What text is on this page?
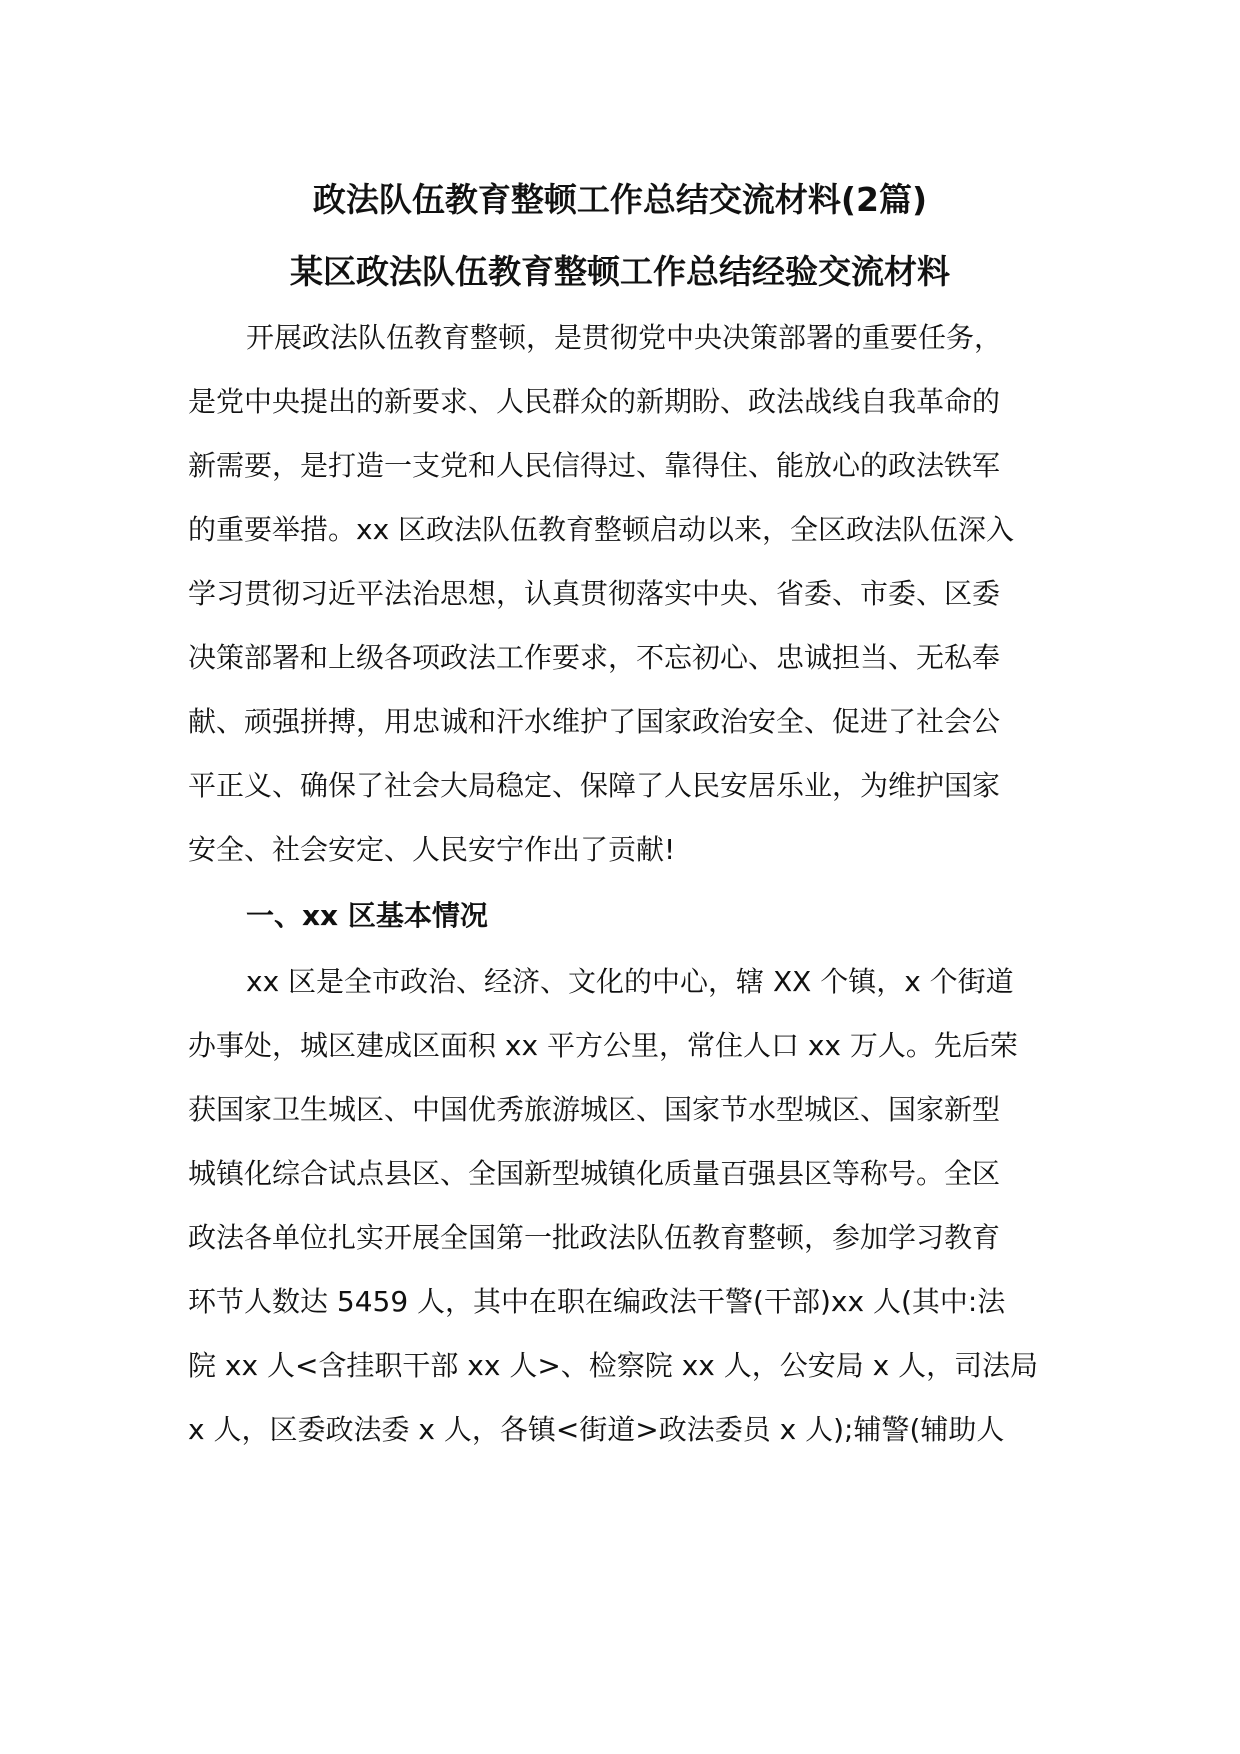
政法队伍教育整顿工作总结交流材料(2篇)
某区政法队伍教育整顿工作总结经验交流材料
开展政法队伍教育整顿，是贯彻党中央决策部署的重要任务，
是党中央提出的新要求、人民群众的新期盼、政法战线自我革命的
新需要，是打造一支党和人民信得过、靠得住、能放心的政法铁军
的重要举措。xx 区政法队伍教育整顿启动以来，全区政法队伍深入
学习贯彻习近平法治思想，认真贯彻落实中央、省委、市委、区委
决策部署和上级各项政法工作要求，不忘初心、忠诚担当、无私奉
献、顽强拼搏，用忠诚和汗水维护了国家政治安全、促进了社会公
平正义、确保了社会大局稳定、保障了人民安居乐业，为维护国家
安全、社会安定、人民安宁作出了贡献!
一、xx 区基本情况
xx 区是全市政治、经济、文化的中心，辖 XX 个镇，x 个街道
办事处，城区建成区面积 xx 平方公里，常住人口 xx 万人。先后荣
获国家卫生城区、中国优秀旅游城区、国家节水型城区、国家新型
城镇化综合试点县区、全国新型城镇化质量百强县区等称号。全区
政法各单位扎实开展全国第一批政法队伍教育整顿，参加学习教育
环节人数达 5459 人，其中在职在编政法干警(干部)xx 人(其中:法
院 xx 人<含挂职干部 xx 人>、检察院 xx 人，公安局 x 人，司法局
x 人，区委政法委 x 人，各镇<街道>政法委员 x 人);辅警(辅助人
